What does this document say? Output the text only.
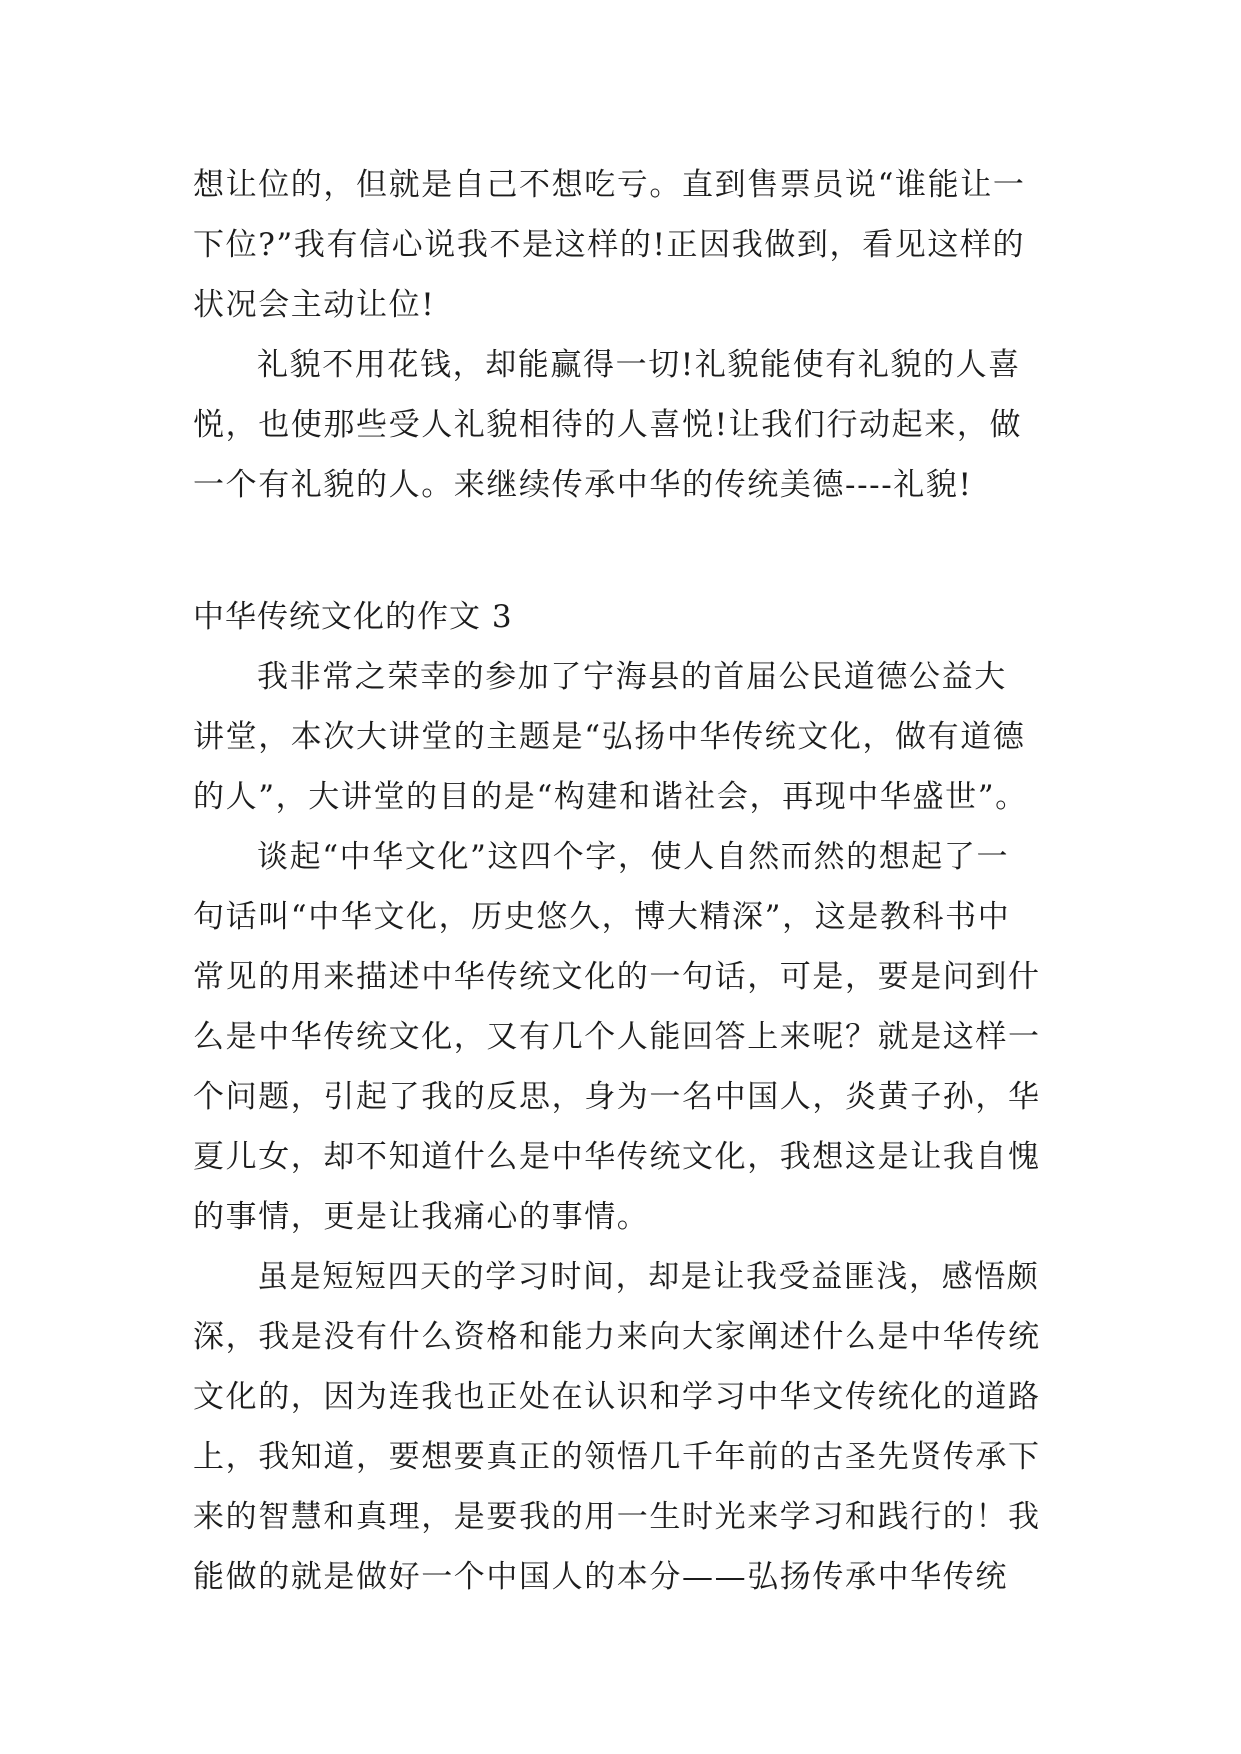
想让位的，但就是自己不想吃亏。直到售票员说“谁能让一
下位?”我有信心说我不是这样的!正因我做到，看见这样的
状况会主动让位!
礼貌不用花钱，却能赢得一切!礼貌能使有礼貌的人喜
悦，也使那些受人礼貌相待的人喜悦!让我们行动起来，做
一个有礼貌的人。来继续传承中华的传统美德----礼貌!
中华传统文化的作文 3
我非常之荣幸的参加了宁海县的首届公民道德公益大
讲堂，本次大讲堂的主题是“弘扬中华传统文化，做有道德
的人”，大讲堂的目的是“构建和谐社会，再现中华盛世”。
谈起“中华文化”这四个字，使人自然而然的想起了一
句话叫“中华文化，历史悠久，博大精深”，这是教科书中
常见的用来描述中华传统文化的一句话，可是，要是问到什
么是中华传统文化，又有几个人能回答上来呢？就是这样一
个问题，引起了我的反思，身为一名中国人，炎黄子孙，华
夏儿女，却不知道什么是中华传统文化，我想这是让我自愧
的事情，更是让我痛心的事情。
虽是短短四天的学习时间，却是让我受益匪浅，感悟颇
深，我是没有什么资格和能力来向大家阐述什么是中华传统
文化的，因为连我也正处在认识和学习中华文传统化的道路
上，我知道，要想要真正的领悟几千年前的古圣先贤传承下
来的智慧和真理，是要我的用一生时光来学习和践行的！我
能做的就是做好一个中国人的本分——弘扬传承中华传统
